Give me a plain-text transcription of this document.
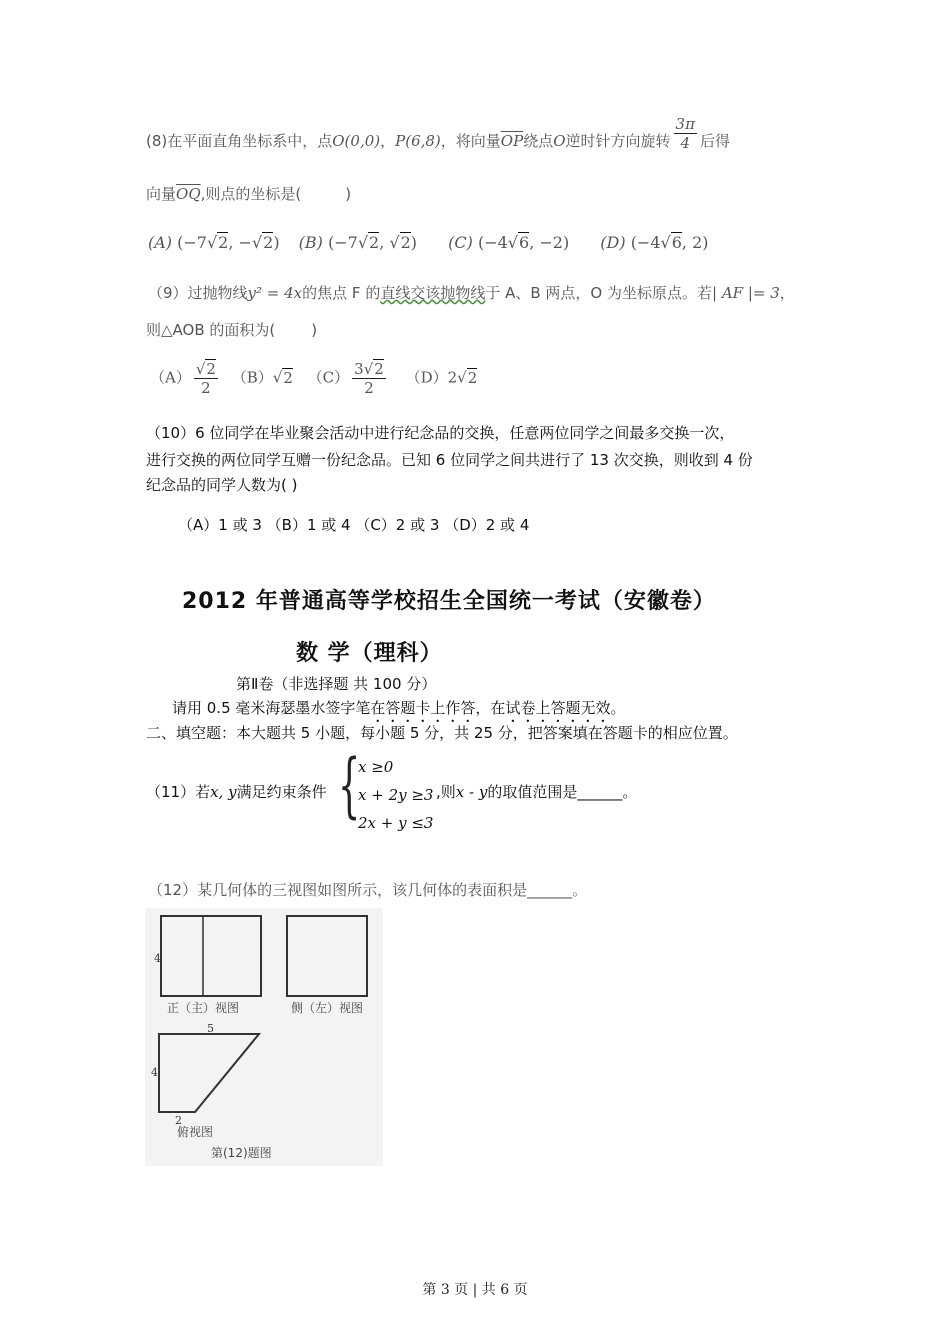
(8)在平面直角坐标系中，点O(0,0)，P(6,8)，将向量$\overline{OP}$绕点O逆时针方向旋转 $\frac{3\pi}{4}$ 后得
向量$\overline{OQ}$,则点的坐标是(	)
(A) (−7√2, −√2) (B) (−7√2, √2) (C) (−4√6, −2) (D) (−4√6, 2)
（9）过抛物线y² = 4x的焦点 F 的直线交该抛物线于 A、B 两点，O 为坐标原点。若| AF |= 3，
则△AOB 的面积为( )
$(A) \frac{√2}{2} (B)√2$ $(C) \frac{3√2}{2} (D)2√2$
（10）6 位同学在毕业聚会活动中进行纪念品的交换，任意两位同学之间最多交换一次，
进行交换的两位同学互赠一份纪念品。已知 6 位同学之间共进行了 13 次交换，则收到 4 份
纪念品的同学人数为( )
（A）1 或 3 （B）1 或 4 （C）2 或 3 （D）2 或 4
2012 年普通高等学校招生全国统一考试（安徽卷）
数 学（理科）
第Ⅱ卷（非选择题 共 100 分）
请用 0.5 毫米海瑟墨水签字笔在答题卡上作答，在试卷上答题无效。
二、填空题：本大题共 5 小题，每小题 5 分，共 25 分，把答案填在答题卡的相应位置。
（11）若x, y满足约束条件 {
x ≥0
x + 2y ≥3
2x + y ≤3
,则x - y的取值范围是______。
（12）某几何体的三视图如图所示，该几何体的表面积是______。
4
正（主）视图	侧（左）视图
5
4
2
俯视图
第(12)题图
第 3 页 | 共 6 页
